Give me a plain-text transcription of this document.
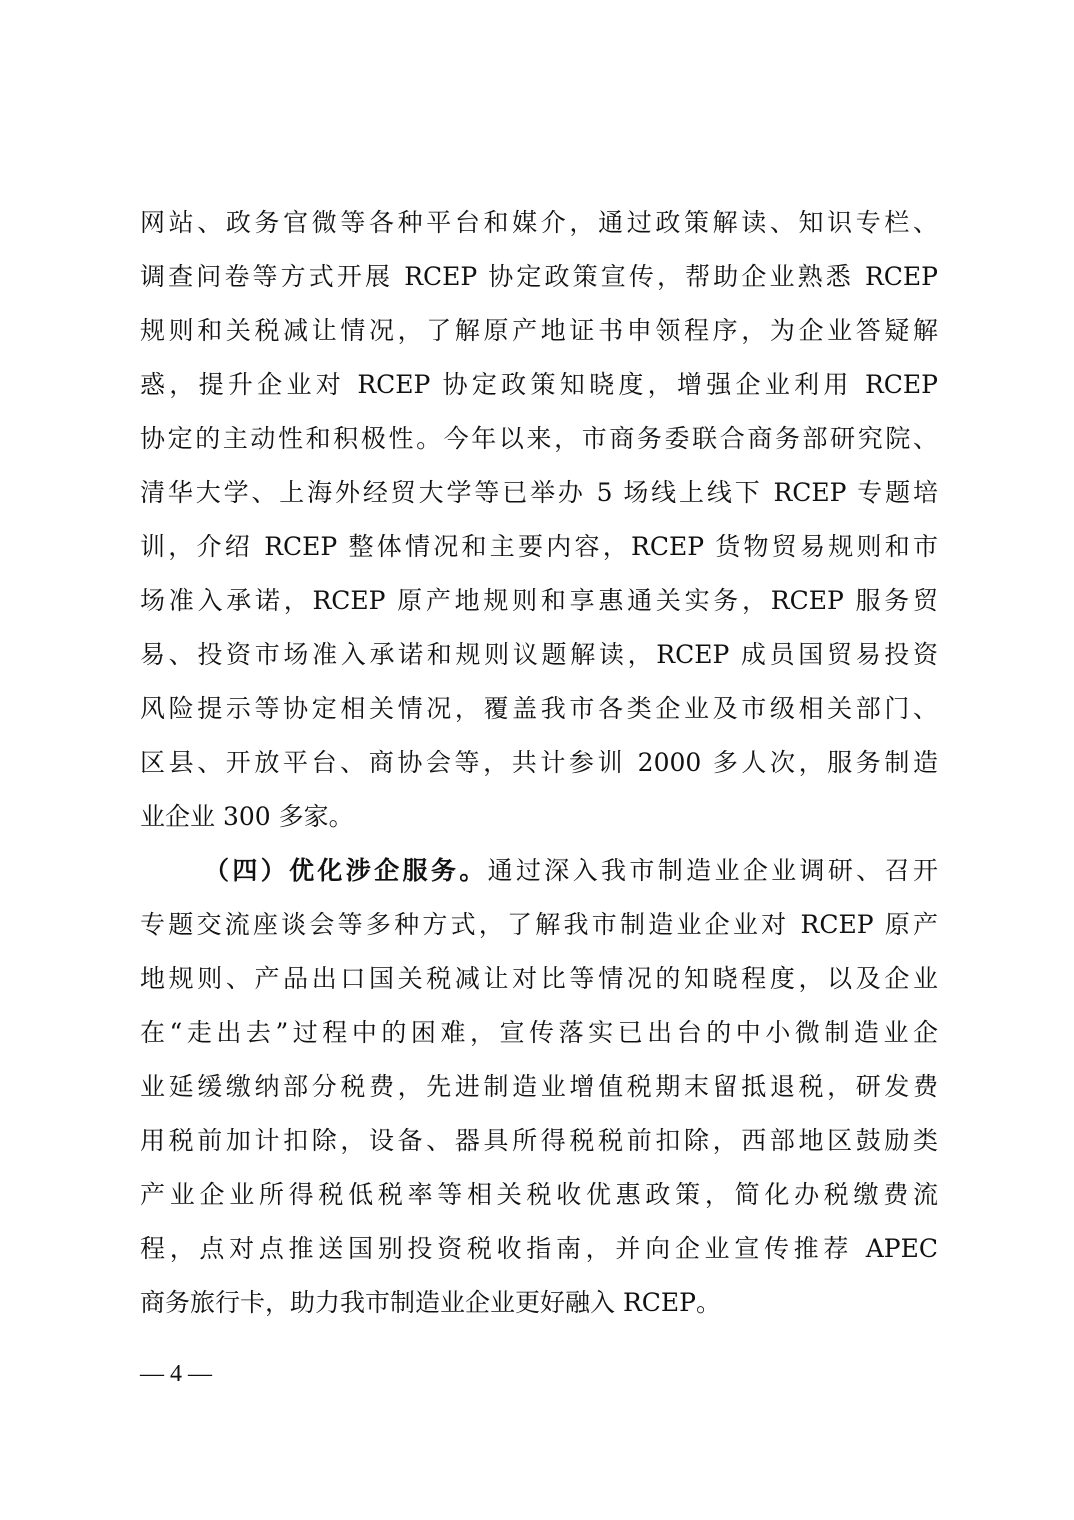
网站、政务官微等各种平台和媒介，通过政策解读、知识专栏、
调查问卷等方式开展 RCEP 协定政策宣传，帮助企业熟悉 RCEP
规则和关税减让情况，了解原产地证书申领程序，为企业答疑解
惑，提升企业对 RCEP 协定政策知晓度，增强企业利用 RCEP
协定的主动性和积极性。今年以来，市商务委联合商务部研究院、
清华大学、上海外经贸大学等已举办 5 场线上线下 RCEP 专题培
训，介绍 RCEP 整体情况和主要内容，RCEP 货物贸易规则和市
场准入承诺，RCEP 原产地规则和享惠通关实务，RCEP 服务贸
易、投资市场准入承诺和规则议题解读，RCEP 成员国贸易投资
风险提示等协定相关情况，覆盖我市各类企业及市级相关部门、
区县、开放平台、商协会等，共计参训 2000 多人次，服务制造
业企业 300 多家。
（四）优化涉企服务。通过深入我市制造业企业调研、召开
专题交流座谈会等多种方式，了解我市制造业企业对 RCEP 原产
地规则、产品出口国关税减让对比等情况的知晓程度，以及企业
在“走出去”过程中的困难，宣传落实已出台的中小微制造业企
业延缓缴纳部分税费，先进制造业增值税期末留抵退税，研发费
用税前加计扣除，设备、器具所得税税前扣除，西部地区鼓励类
产业企业所得税低税率等相关税收优惠政策，简化办税缴费流
程，点对点推送国别投资税收指南，并向企业宣传推荐 APEC
商务旅行卡，助力我市制造业企业更好融入 RCEP。
— 4 —
